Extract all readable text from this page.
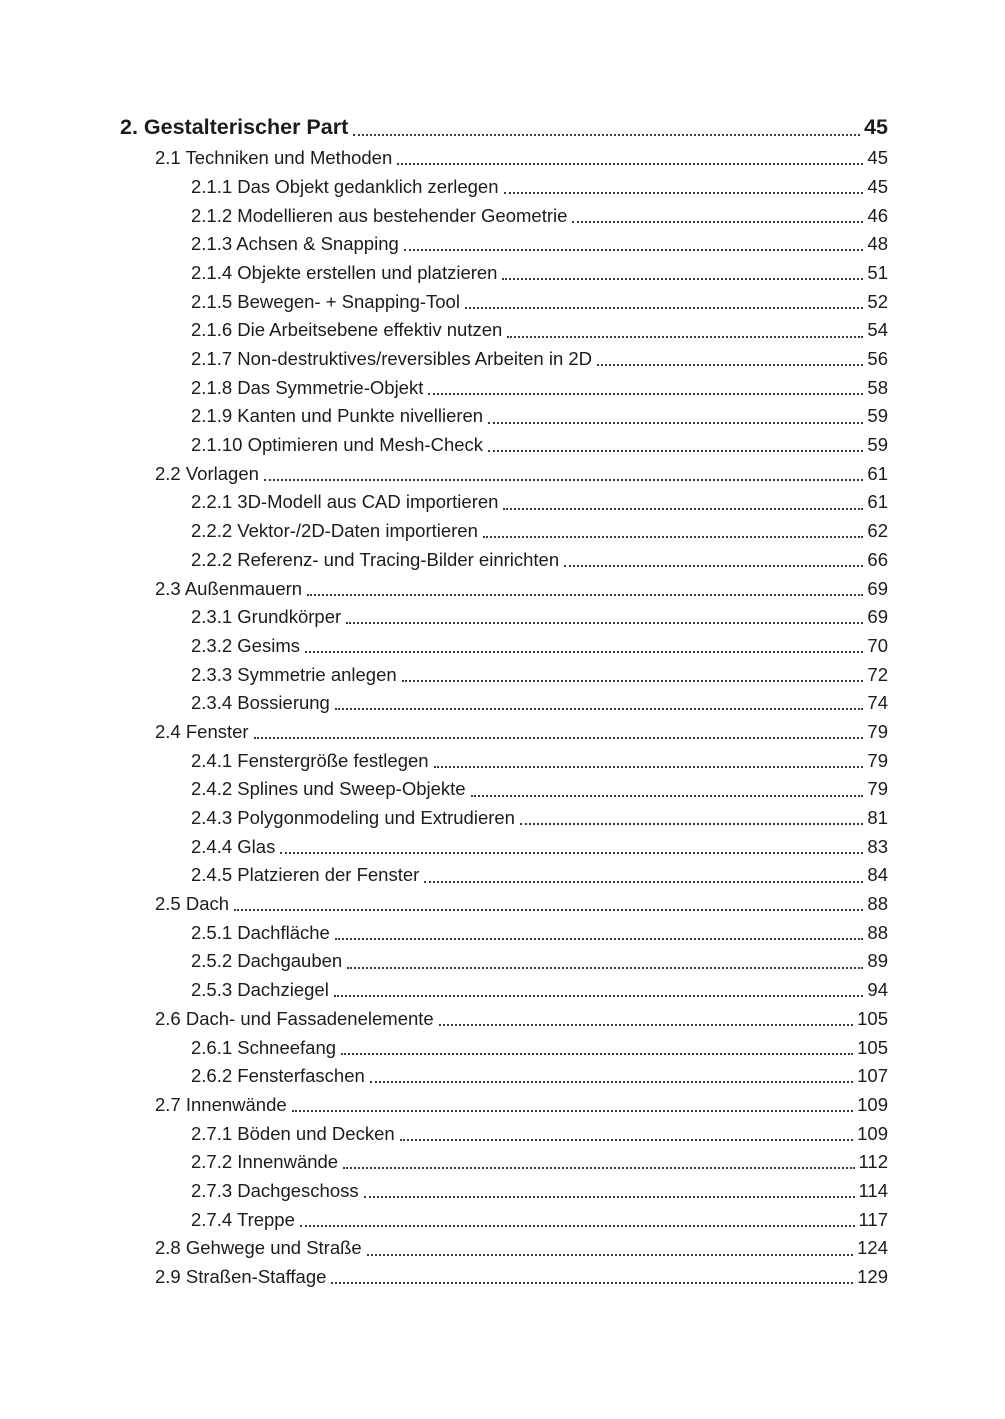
2. Gestalterischer Part	45
2.1 Techniken und Methoden	45
2.1.1 Das Objekt gedanklich zerlegen	45
2.1.2 Modellieren aus bestehender Geometrie	46
2.1.3 Achsen & Snapping	48
2.1.4 Objekte erstellen und platzieren	51
2.1.5 Bewegen- + Snapping-Tool	52
2.1.6 Die Arbeitsebene effektiv nutzen	54
2.1.7 Non-destruktives/reversibles Arbeiten in 2D	56
2.1.8 Das Symmetrie-Objekt	58
2.1.9 Kanten und Punkte nivellieren	59
2.1.10 Optimieren und Mesh-Check	59
2.2 Vorlagen	61
2.2.1 3D-Modell aus CAD importieren	61
2.2.2 Vektor-/2D-Daten importieren	62
2.2.2 Referenz- und Tracing-Bilder einrichten	66
2.3 Außenmauern	69
2.3.1 Grundkörper	69
2.3.2 Gesims	70
2.3.3 Symmetrie anlegen	72
2.3.4 Bossierung	74
2.4 Fenster	79
2.4.1 Fenstergröße festlegen	79
2.4.2 Splines und Sweep-Objekte	79
2.4.3 Polygonmodeling und Extrudieren	81
2.4.4 Glas	83
2.4.5 Platzieren der Fenster	84
2.5 Dach	88
2.5.1 Dachfläche	88
2.5.2 Dachgauben	89
2.5.3 Dachziegel	94
2.6 Dach- und Fassadenelemente	105
2.6.1 Schneefang	105
2.6.2 Fensterfaschen	107
2.7 Innenwände	109
2.7.1 Böden und Decken	109
2.7.2 Innenwände	112
2.7.3 Dachgeschoss	114
2.7.4 Treppe	117
2.8 Gehwege und Straße	124
2.9 Straßen-Staffage	129
